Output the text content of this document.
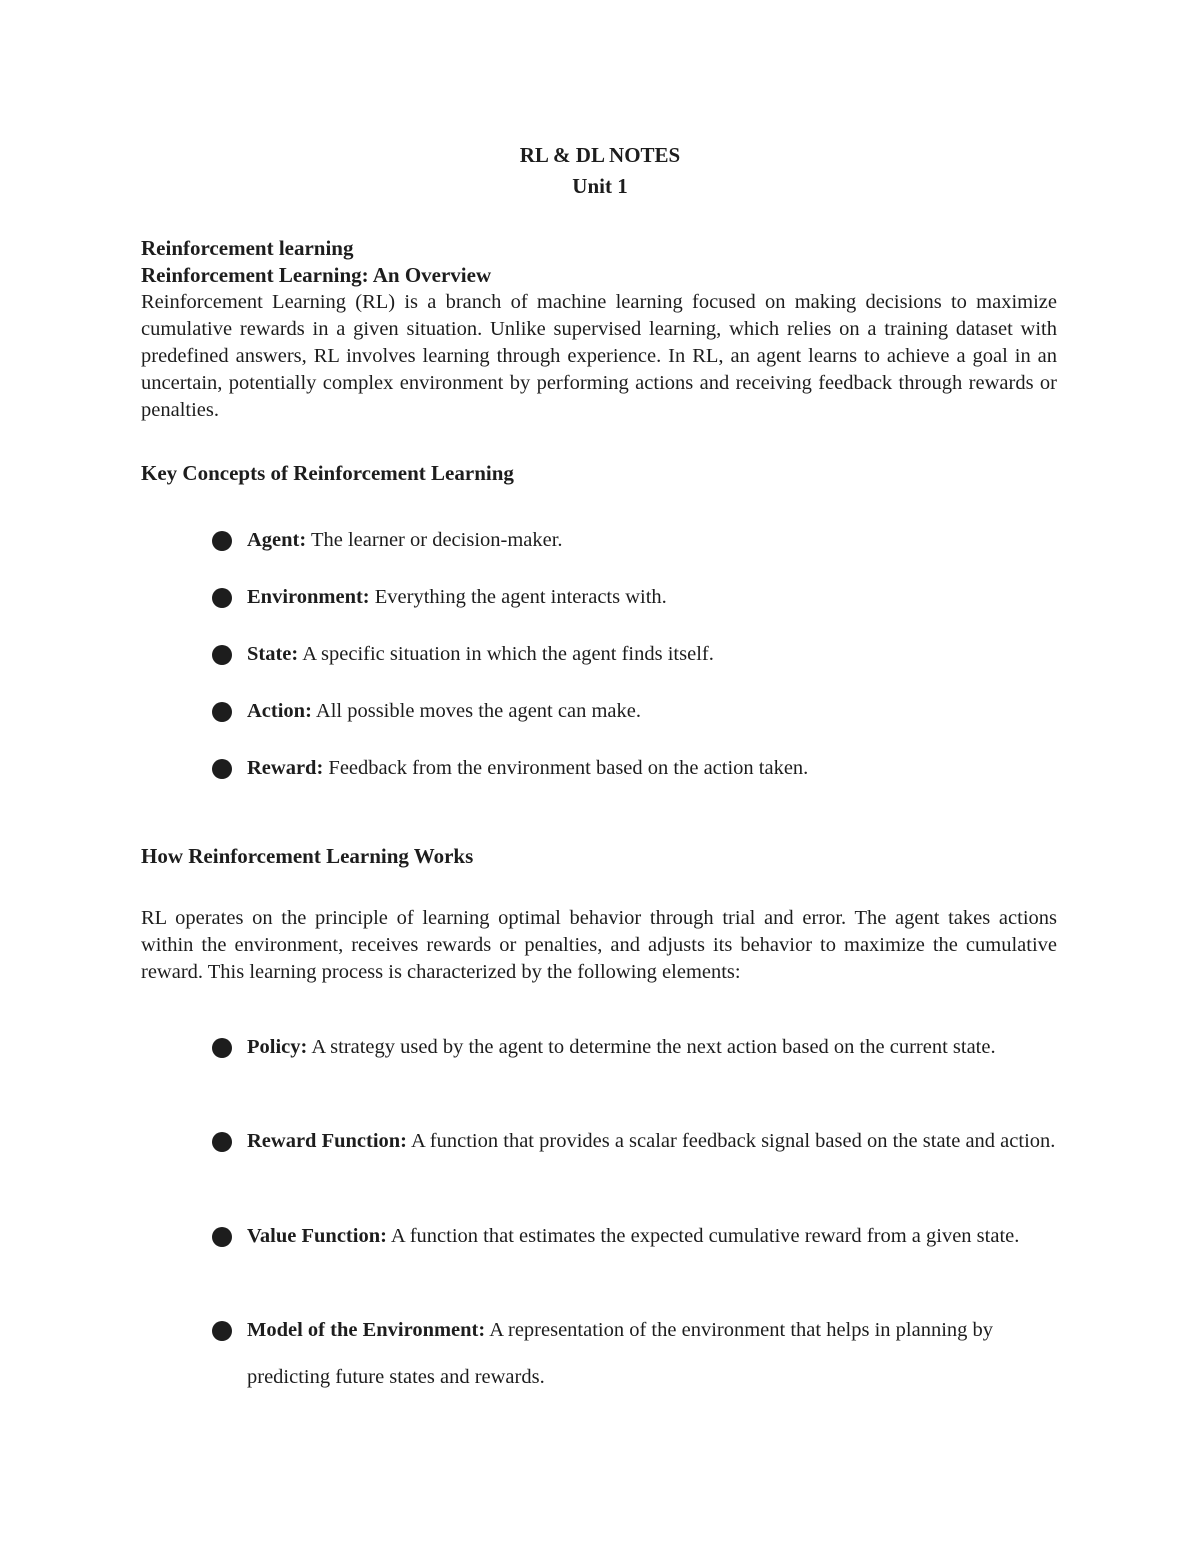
RL & DL NOTES
Unit 1
Reinforcement learning
Reinforcement Learning: An Overview
Reinforcement Learning (RL) is a branch of machine learning focused on making decisions to maximize cumulative rewards in a given situation. Unlike supervised learning, which relies on a training dataset with predefined answers, RL involves learning through experience. In RL, an agent learns to achieve a goal in an uncertain, potentially complex environment by performing actions and receiving feedback through rewards or penalties.
Key Concepts of Reinforcement Learning
Agent: The learner or decision-maker.
Environment: Everything the agent interacts with.
State: A specific situation in which the agent finds itself.
Action: All possible moves the agent can make.
Reward: Feedback from the environment based on the action taken.
How Reinforcement Learning Works
RL operates on the principle of learning optimal behavior through trial and error. The agent takes actions within the environment, receives rewards or penalties, and adjusts its behavior to maximize the cumulative reward. This learning process is characterized by the following elements:
Policy: A strategy used by the agent to determine the next action based on the current state.
Reward Function: A function that provides a scalar feedback signal based on the state and action.
Value Function: A function that estimates the expected cumulative reward from a given state.
Model of the Environment: A representation of the environment that helps in planning by predicting future states and rewards.
